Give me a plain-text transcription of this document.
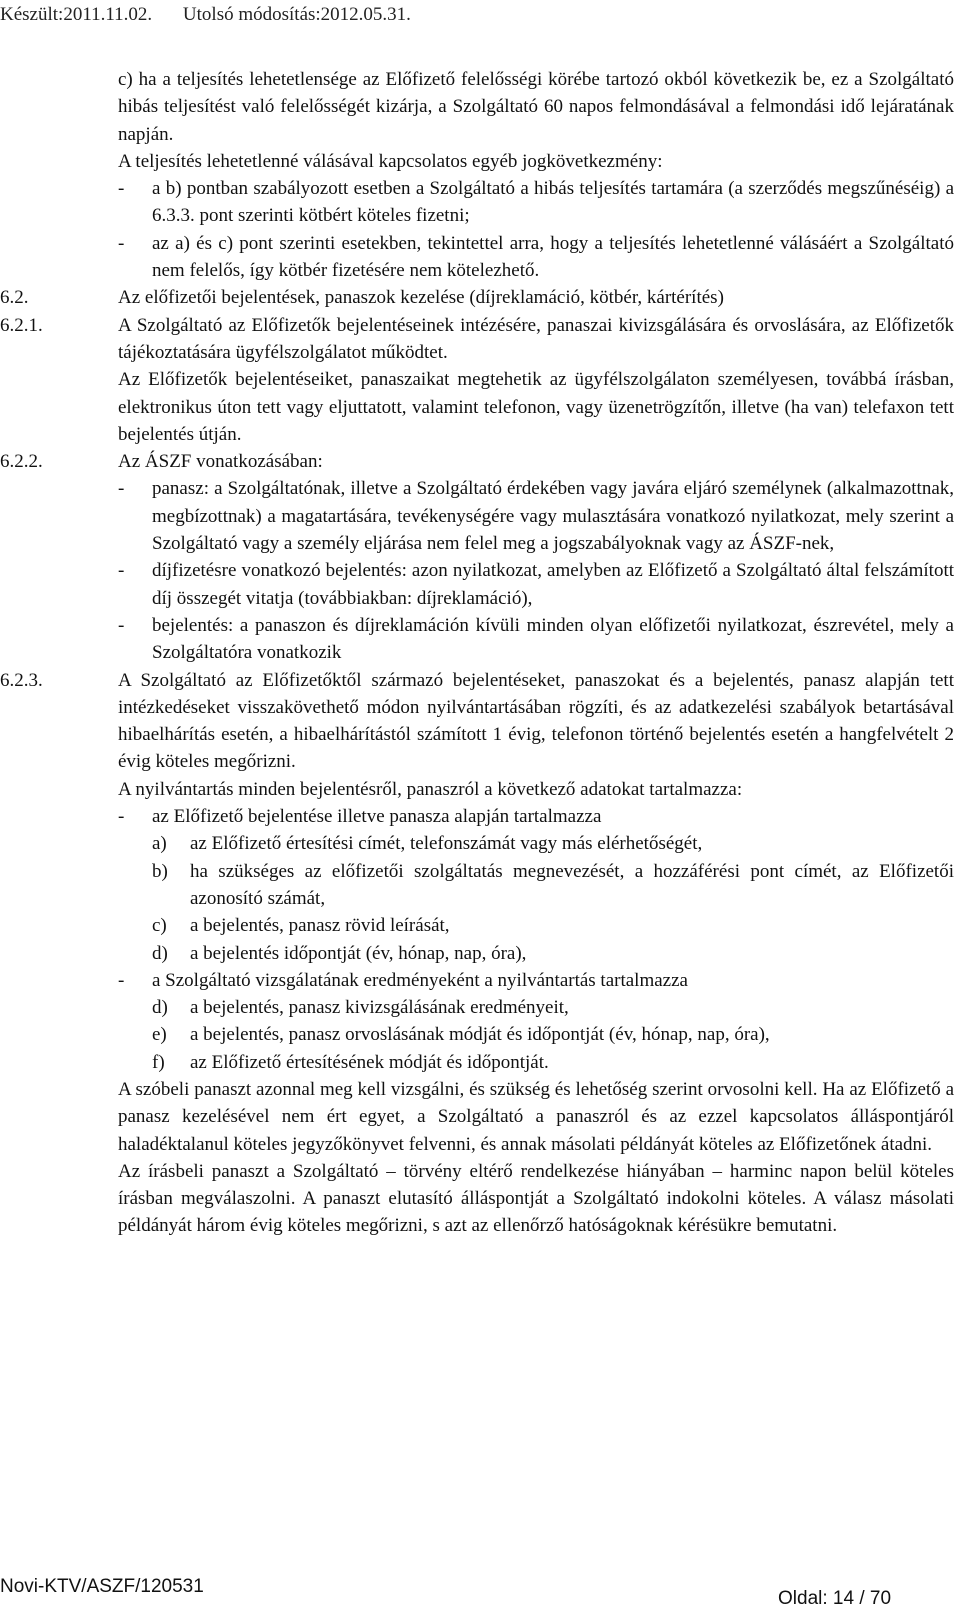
Készült:2011.11.02. Utolsó módosítás:2012.05.31.

c) ha a teljesítés lehetetlensége az Előfizető felelősségi körébe tartozó okból következik be, ez a Szolgáltató hibás teljesítést való felelősségét kizárja, a Szolgáltató 60 napos felmondásával a felmondási idő lejáratának napján.

A teljesítés lehetetlenné válásával kapcsolatos egyéb jogkövetkezmény:

-	a b) pontban szabályozott esetben a Szolgáltató a hibás teljesítés tartamára (a szerződés megszűnéséig) a 6.3.3. pont szerinti kötbért köteles fizetni;
-	az a) és c) pont szerinti esetekben, tekintettel arra, hogy a teljesítés lehetetlenné válásáért a Szolgáltató nem felelős, így kötbér fizetésére nem kötelezhető.
6.2.	Az előfizetői bejelentések, panaszok kezelése (díjreklamáció, kötbér, kártérítés)
6.2.1.	A Szolgáltató az Előfizetők bejelentéseinek intézésére, panaszai kivizsgálására és orvoslására, az Előfizetők tájékoztatására ügyfélszolgálatot működtet.

Az Előfizetők bejelentéseiket, panaszaikat megtehetik az ügyfélszolgálaton személyesen, továbbá írásban, elektronikus úton tett vagy eljuttatott, valamint telefonon, vagy üzenetrögzítőn, illetve (ha van) telefaxon tett bejelentés útján.

6.2.2.	Az ÁSZF vonatkozásában:
-	panasz: a Szolgáltatónak, illetve a Szolgáltató érdekében vagy javára eljáró személynek (alkalmazottnak, megbízottnak) a magatartására, tevékenységére vagy mulasztására vonatkozó nyilatkozat, mely szerint a Szolgáltató vagy a személy eljárása nem felel meg a jogszabályoknak vagy az ÁSZF-nek,
-	díjfizetésre vonatkozó bejelentés: azon nyilatkozat, amelyben az Előfizető a Szolgáltató által felszámított díj összegét vitatja (továbbiakban: díjreklamáció),
-	bejelentés: a panaszon és díjreklamáción kívüli minden olyan előfizetői nyilatkozat, észrevétel, mely a Szolgáltatóra vonatkozik
6.2.3.	A Szolgáltató az Előfizetőktől származó bejelentéseket, panaszokat és a bejelentés, panasz alapján tett intézkedéseket visszakövethető módon nyilvántartásában rögzíti, és az adatkezelési szabályok betartásával hibaelhárítás esetén, a hibaelhárítástól számított 1 évig, telefonon történő bejelentés esetén a hangfelvételt 2 évig köteles megőrizni.

A nyilvántartás minden bejelentésről, panaszról a következő adatokat tartalmazza:

-	az Előfizető bejelentése illetve panasza alapján tartalmazza
a)	az Előfizető értesítési címét, telefonszámát vagy más elérhetőségét,
b)	ha szükséges az előfizetői szolgáltatás megnevezését, a hozzáférési pont címét, az Előfizetői azonosító számát,
c)	a bejelentés, panasz rövid leírását,
d)	a bejelentés időpontját (év, hónap, nap, óra),
-	a Szolgáltató vizsgálatának eredményeként a nyilvántartás tartalmazza
d)	a bejelentés, panasz kivizsgálásának eredményeit,
e)	a bejelentés, panasz orvoslásának módját és időpontját (év, hónap, nap, óra),
f)	az Előfizető értesítésének módját és időpontját.

A szóbeli panaszt azonnal meg kell vizsgálni, és szükség és lehetőség szerint orvosolni kell. Ha az Előfizető a panasz kezelésével nem ért egyet, a Szolgáltató a panaszról és az ezzel kapcsolatos álláspontjáról haladéktalanul köteles jegyzőkönyvet felvenni, és annak másolati példányát köteles az Előfizetőnek átadni.

Az írásbeli panaszt a Szolgáltató – törvény eltérő rendelkezése hiányában – harminc napon belül köteles írásban megválaszolni. A panaszt elutasító álláspontját a Szolgáltató indokolni köteles. A válasz másolati példányát három évig köteles megőrizni, s azt az ellenőrző hatóságoknak kérésükre bemutatni.

Novi-KTV/ASZF/120531
Oldal: 14 / 70
